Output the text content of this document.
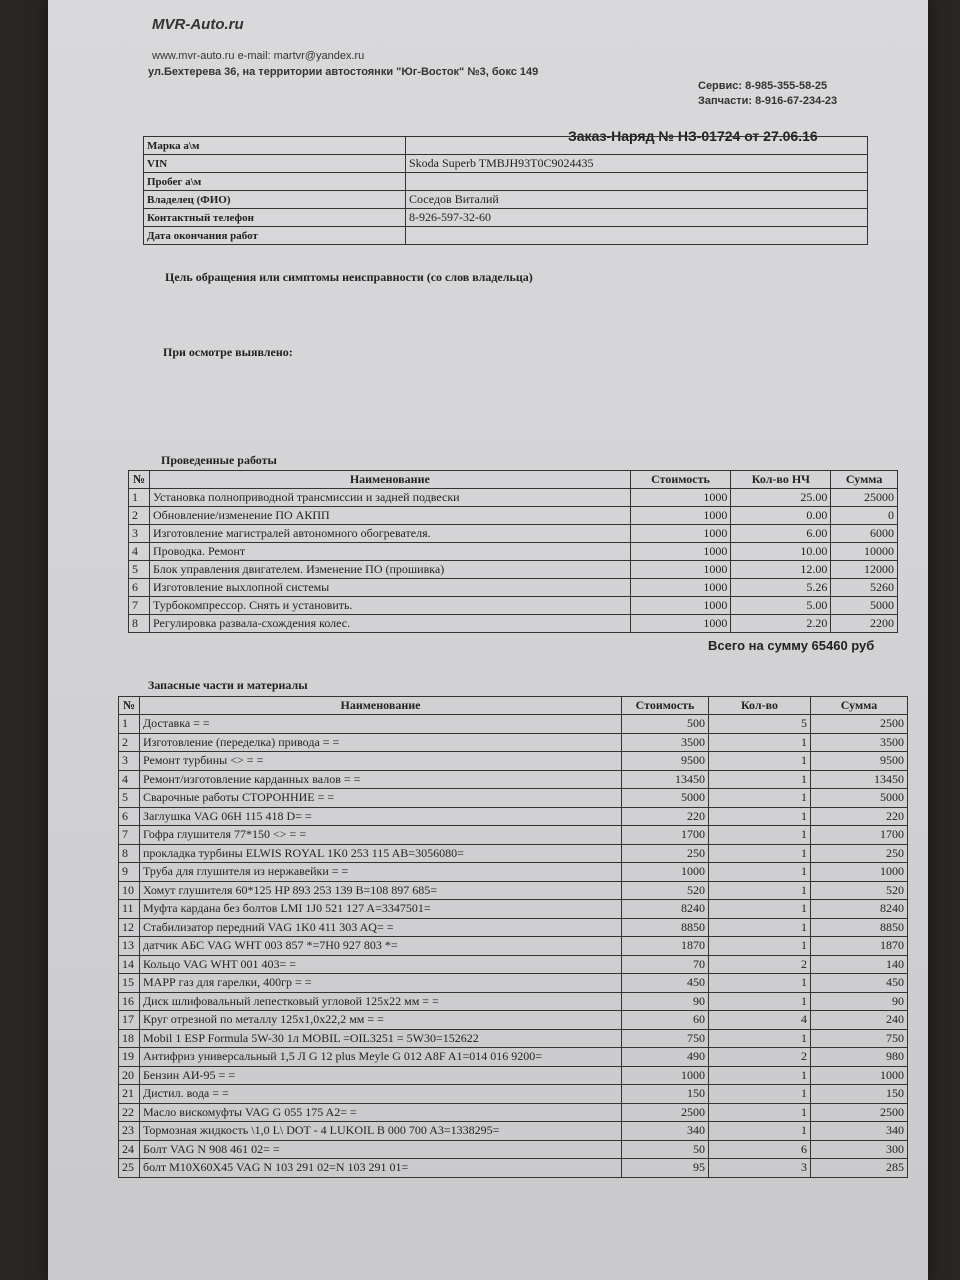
MVR-Auto.ru
www.mvr-auto.ru e-mail: martvr@yandex.ru
ул.Бехтерева 36, на территории автостоянки "Юг-Восток" №3, бокс 149
Сервис: 8-985-355-58-25
Запчасти: 8-916-67-234-23
Заказ-Наряд № НЗ-01724 от 27.06.16
Марка а\м	
VIN	Skoda Superb TMBJH93T0C9024435
Пробег а\м	
Владелец (ФИО)	Соседов Виталий
Контактный телефон	8-926-597-32-60
Дата окончания работ	
Цель обращения или симптомы неисправности (со слов владельца)
При осмотре выявлено:
Проведенные работы
№	Наименование	Стоимость	Кол-во НЧ	Сумма
1	Установка полноприводной трансмиссии и задней подвески	1000	25.00	25000
2	Обновление/изменение ПО АКПП	1000	0.00	0
3	Изготовление магистралей автономного обогревателя.	1000	6.00	6000
4	Проводка. Ремонт	1000	10.00	10000
5	Блок управления двигателем. Изменение ПО (прошивка)	1000	12.00	12000
6	Изготовление выхлопной системы	1000	5.26	5260
7	Турбокомпрессор. Снять и установить.	1000	5.00	5000
8	Регулировка развала-схождения колес.	1000	2.20	2200
Всего на сумму 65460 руб
Запасные части и материалы
№	Наименование	Стоимость	Кол-во	Сумма
1	Доставка = =	500	5	2500
2	Изготовление (переделка) привода = =	3500	1	3500
3	Ремонт турбины <> = =	9500	1	9500
4	Ремонт/изготовление карданных валов = =	13450	1	13450
5	Сварочные работы СТОРОННИЕ = =	5000	1	5000
6	Заглушка VAG 06H 115 418 D= =	220	1	220
7	Гофра глушителя 77*150 <> = =	1700	1	1700
8	прокладка турбины ELWIS ROYAL 1K0 253 115 AB=3056080=	250	1	250
9	Труба для глушителя из нержавейки = =	1000	1	1000
10	Хомут глушителя 60*125 HP 893 253 139 B=108 897 685=	520	1	520
11	Муфта кардана без болтов LMI 1J0 521 127 A=3347501=	8240	1	8240
12	Стабилизатор передний VAG 1K0 411 303 AQ= =	8850	1	8850
13	датчик АБС VAG WHT 003 857 *=7H0 927 803 *=	1870	1	1870
14	Кольцо VAG WHT 001 403= =	70	2	140
15	МАРР газ для гарелки, 400гр = =	450	1	450
16	Диск шлифовальный лепестковый угловой 125x22 мм = =	90	1	90
17	Круг отрезной по металлу 125x1,0x22,2 мм = =	60	4	240
18	Mobil 1 ESP Formula 5W-30 1л MOBIL =OIL3251 = 5W30=152622	750	1	750
19	Антифриз универсальный 1,5 Л G 12 plus Meyle G 012 A8F A1=014 016 9200=	490	2	980
20	Бензин АИ-95 = =	1000	1	1000
21	Дистил. вода = =	150	1	150
22	Масло вискомуфты VAG G 055 175 A2= =	2500	1	2500
23	Тормозная жидкость \1,0 L\ DOT - 4 LUKOIL B 000 700 A3=1338295=	340	1	340
24	Болт VAG N 908 461 02= =	50	6	300
25	болт M10X60X45 VAG N 103 291 02=N 103 291 01=	95	3	285
